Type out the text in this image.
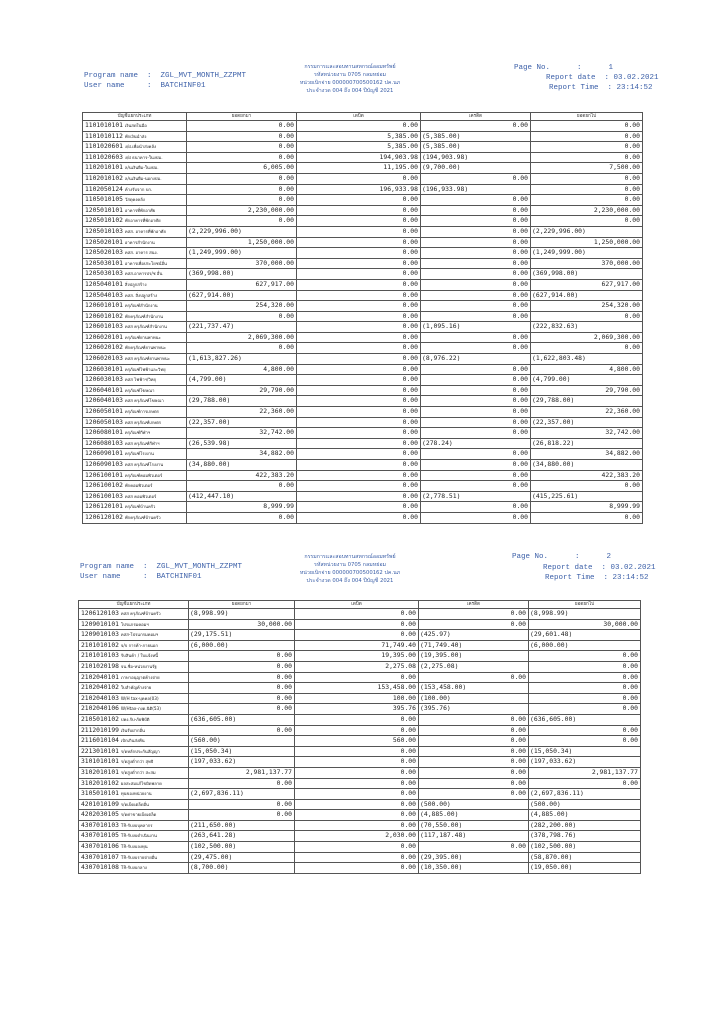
Program name  :  ZGL_MVT_MONTH_ZZPMT
User name     :  BATCHINF01
กรรมการและสอบทานสหกรณ์ออมทรัพย์
รหัสหน่วยงาน 0705 กลมหย่อม
หน่วยเบิกจ่าย 0000007005001​62 ปค.นภ
ประจำงวด 004 ถึง 004 ปีบัญชี 2021
Page No.      :      1
Report date  : 03.02.2021
Report Time  : 23:14:52
บัญชีแยกประเภท	ยอดยกมา	เดบิต	เครดิต	ยอดยกไป
1101010101 เงินสดในมือ	0.00	0.00	0.00	0.00

1101010112 พักเงินนำส่ง	0.00	5,385.00	(5,385.00)	0.00

1101020601 ง/ฝ.เพื่อนำส่งคลัง	0.00	5,385.00	(5,385.00)	0.00

1101020603 ง/ฝ ธนาคาร-ในงปม.	0.00	194,903.98	(194,903.98)	0.00

1102010101 ล/นเงินยืม-ในงปม.	6,005.00	11,195.00	(9,700.00)	7,500.00

1102010102 ล/นเงินยืม-นอกงปม.	0.00	0.00	0.00	0.00

1102050124 ค้างรับจาก บก.	0.00	196,933.98	(196,933.98)	0.00

1105010105 วัสดุคงคลัง	0.00	0.00	0.00	0.00

1205010101 อาคารที่พักอาศัย	2,230,000.00	0.00	0.00	2,230,000.00

1205010102 พักอาคารที่พักอาศัย	0.00	0.00	0.00	0.00

1205010103 คสส. อาคารที่พักอาศัย	(2,229,996.00)	0.00	0.00	(2,229,996.00)

1205020101 อาคารสำนักงาน	1,250,000.00	0.00	0.00	1,250,000.00

1205020103 คสส. อาคาร สนง.	(1,249,999.00)	0.00	0.00	(1,249,999.00)

1205030101 อาคารเพื่อประโยชน์อื่น	370,000.00	0.00	0.00	370,000.00

1205030103 คสส.อาคารปร/ช อื่น	(369,998.00)	0.00	0.00	(369,998.00)

1205040101 สิ่งปลูกสร้าง	627,917.00	0.00	0.00	627,917.00

1205040103 คสส. สิ่งปลูกสร้าง	(627,914.00)	0.00	0.00	(627,914.00)

1206010101 ครุภัณฑ์สำนักงาน	254,320.00	0.00	0.00	254,320.00

1206010102 พักครุภัณฑ์สำนักงาน	0.00	0.00	0.00	0.00

1206010103 คสส ครุภัณฑ์สำนักงาน	(221,737.47)	0.00	(1,095.16)	(222,832.63)

1206020101 ครุภัณฑ์ยานพาหนะ	2,069,300.00	0.00	0.00	2,069,300.00

1206020102 พักครุภัณฑ์ยานพาหนะ	0.00	0.00	0.00	0.00

1206020103 คสส ครุภัณฑ์ยานพาหนะ	(1,613,827.26)	0.00	(8,976.22)	(1,622,803.48)

1206030101 ครุภัณฑ์ไฟฟ้าและวิทยุ	4,800.00	0.00	0.00	4,800.00

1206030103 คสส ไฟฟ้าฯ/วิทยุ	(4,799.00)	0.00	0.00	(4,799.00)

1206040101 ครุภัณฑ์โฆษณา	29,790.00	0.00	0.00	29,790.00

1206040103 คสส ครุภัณฑ์โฆษณา	(29,788.00)	0.00	0.00	(29,788.00)

1206050101 ครุภัณฑ์การเกษตร	22,360.00	0.00	0.00	22,360.00

1206050103 คสส ครุภัณฑ์เกษตร	(22,357.00)	0.00	0.00	(22,357.00)

1206080101 ครุภัณฑ์กีฬาฯ	32,742.00	0.00	0.00	32,742.00

1206080103 คสส ครุภัณฑ์กีฬาฯ	(26,539.98)	0.00	(278.24)	(26,818.22)

1206090101 ครุภัณฑ์โรงงาน	34,882.00	0.00	0.00	34,882.00

1206090103 คสส ครุภัณฑ์โรงงาน	(34,880.00)	0.00	0.00	(34,880.00)

1206100101 ครุภัณฑ์คอมพิวเตอร์	422,383.20	0.00	0.00	422,383.20

1206100102 พักคอมพิวเตอร์	0.00	0.00	0.00	0.00

1206100103 คสส คอมพิวเตอร์	(412,447.10)	0.00	(2,778.51)	(415,225.61)

1206120101 ครุภัณฑ์บ้านครัว	8,999.99	0.00	0.00	8,999.99

1206120102 พักครุภัณฑ์บ้านครัว	0.00	0.00	0.00	0.00
Program name  :  ZGL_MVT_MONTH_ZZPMT
User name     :  BATCHINF01
กรรมการและสอบทานสหกรณ์ออมทรัพย์
รหัสหน่วยงาน 0705 กลมหย่อม
หน่วยเบิกจ่าย 000000700500162 ปค.นภ
ประจำงวด 004 ถึง 004 ปีบัญชี 2021
Page No.      :      2
Report date  : 03.02.2021
Report Time  : 23:14:52
บัญชีแยกประเภท	ยอดยกมา	เดบิต	เครดิต	ยอดยกไป
1206120103 คสส ครุภัณฑ์บ้านครัว	(8,998.99)	0.00	0.00	(8,998.99)

1209010101 โปรแกรมคอมฯ	30,000.00	0.00	0.00	30,000.00

1209010103 คสส-โปรแกรมคอมฯ	(29,175.51)	0.00	(425.97)	(29,601.48)

2101010102 จ/จ การค้า-ภายนอก	(6,000.00)	71,749.40	(71,749.40)	(6,000.00)

2101010103 รับสินค้า / ใบแจ้งหนี้	0.00	19,395.00	(19,395.00)	0.00

2101020198 จน.ชื่อ-หน่วยงานรัฐ	0.00	2,275.08	(2,275.08)	0.00

2102040101 ภาษาอนุญาตค้างจ่าย	0.00	0.00	0.00	0.00

2102040102 ใบสำคัญค้างจ่าย	0.00	153,458.00	(153,458.00)	0.00

2102040103 W/H tax-บุคคล(03)	0.00	100.00	(100.00)	0.00

2102040106 W/Htax-ภงด.นิติ(53)	0.00	395.76	(395.76)	0.00

2105010102 ปคง.รับ-ภัยพิบัติ	(636,605.00)	0.00	0.00	(636,605.00)

2112010199 เงินรับฝากอื่น	0.00	0.00	0.00	0.00

2116010104 เบิกเกินส่งคืน	(560.00)	560.00	0.00	0.00

2213010101 ร/ดหลักประกันสัญญา	(15,050.34)	0.00	0.00	(15,050.34)

3101010101 ร/ดสูงต่ำกว่า สุทธิ	(197,033.62)	0.00	0.00	(197,033.62)

3102010101 ร/ดสูงต่ำกว่า สะสม	2,981,137.77	0.00	0.00	2,981,137.77

3102010102 ผลสะสมแก้ไขผิดพลาด	0.00	0.00	0.00	0.00

3105010101 ทุนของหน่วยงาน	(2,697,836.11)	0.00	0.00	(2,697,836.11)

4201010109 ร/ดเบ็ดเตล็ดอื่น	0.00	0.00	(500.00)	(500.00)

4202030105 ร/ดค่าขายเบ็ดเตล็ด	0.00	0.00	(4,885.00)	(4,885.00)

4307010103 TR-รับงบบุคลากร	(211,650.00)	0.00	(70,550.00)	(282,200.00)

4307010105 TR-รับงบดำเนินงาน	(263,641.28)	2,030.00	(117,187.48)	(378,798.76)

4307010106 TR-รับงบลงทุน	(102,500.00)	0.00	0.00	(102,500.00)

4307010107 TR-รับงบรายจ่ายอื่น	(29,475.00)	0.00	(29,395.00)	(58,870.00)

4307010108 TR-รับงบกลาง	(8,700.00)	0.00	(10,350.00)	(19,050.00)
